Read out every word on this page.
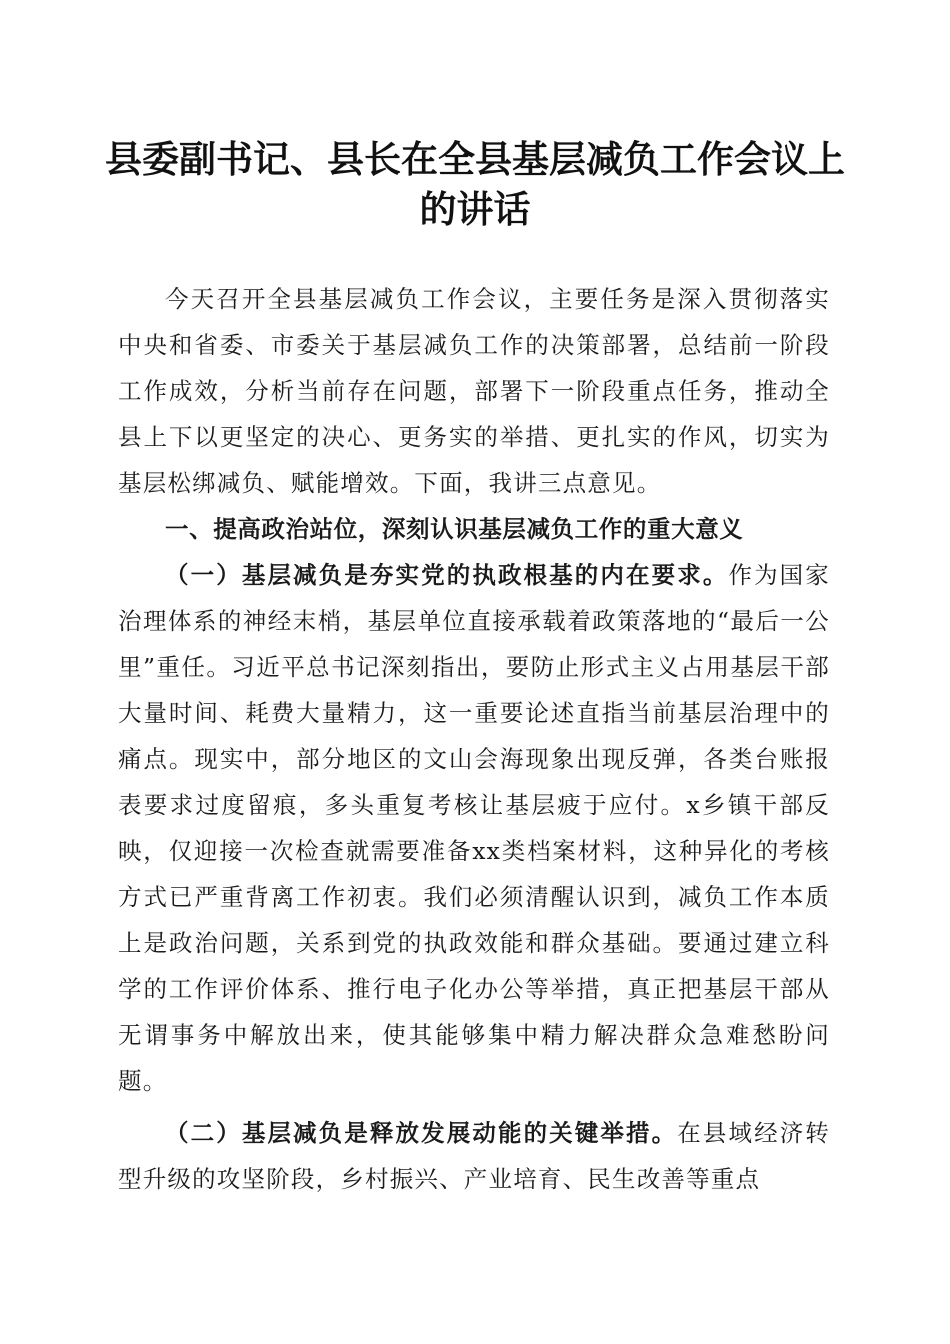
县委副书记、县长在全县基层减负工作会议上
的讲话

今天召开全县基层减负工作会议，主要任务是深入贯彻落实中央和省委、市委关于基层减负工作的决策部署，总结前一阶段工作成效，分析当前存在问题，部署下一阶段重点任务，推动全县上下以更坚定的决心、更务实的举措、更扎实的作风，切实为基层松绑减负、赋能增效。下面，我讲三点意见。

一、提高政治站位，深刻认识基层减负工作的重大意义

（一）基层减负是夯实党的执政根基的内在要求。作为国家治理体系的神经末梢，基层单位直接承载着政策落地的“最后一公里”重任。习近平总书记深刻指出，要防止形式主义占用基层干部大量时间、耗费大量精力，这一重要论述直指当前基层治理中的痛点。现实中，部分地区的文山会海现象出现反弹，各类台账报表要求过度留痕，多头重复考核让基层疲于应付。x乡镇干部反映，仅迎接一次检查就需要准备xx类档案材料，这种异化的考核方式已严重背离工作初衷。我们必须清醒认识到，减负工作本质上是政治问题，关系到党的执政效能和群众基础。要通过建立科学的工作评价体系、推行电子化办公等举措，真正把基层干部从无谓事务中解放出来，使其能够集中精力解决群众急难愁盼问题。

（二）基层减负是释放发展动能的关键举措。在县域经济转型升级的攻坚阶段，乡村振兴、产业培育、民生改善等重点
